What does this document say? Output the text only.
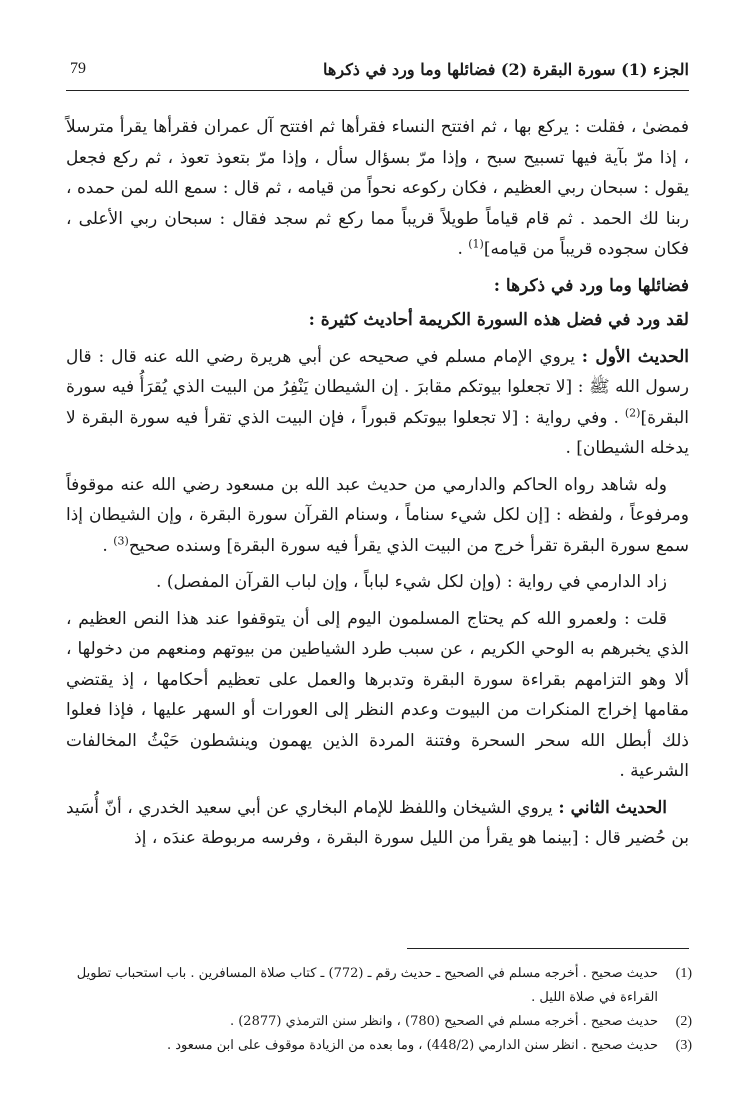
الجزء (1) سورة البقرة (2) فضائلها وما ورد في ذكرها
79

فمضىٰ ، فقلت : يركع بها ، ثم افتتح النساء فقرأها ثم افتتح آل عمران فقرأها يقرأ مترسلاً ، إذا مرّ بآية فيها تسبيح سبح ، وإذا مرّ بسؤال سأل ، وإذا مرّ بتعوذ تعوذ ، ثم ركع فجعل يقول : سبحان ربي العظيم ، فكان ركوعه نحواً من قيامه ، ثم قال : سمع الله لمن حمده ، ربنا لك الحمد . ثم قام قياماً طويلاً قريباً مما ركع ثم سجد فقال : سبحان ربي الأعلى ، فكان سجوده قريباً من قيامه]$^{(1)}$ .

فضائلها وما ورد في ذكرها :

لقد ورد في فضل هذه السورة الكريمة أحاديث كثيرة :

الحديث الأول : يروي الإمام مسلم في صحيحه عن أبي هريرة رضي الله عنه قال : قال رسول الله ﷺ : [لا تجعلوا بيوتكم مقابرَ . إن الشيطان يَنْفِرُ من البيت الذي يُقرَأُ فيه سورة البقرة]$^{(2)}$ . وفي رواية : [لا تجعلوا بيوتكم قبوراً ، فإن البيت الذي تقرأ فيه سورة البقرة لا يدخله الشيطان] .

وله شاهد رواه الحاكم والدارمي من حديث عبد الله بن مسعود رضي الله عنه موقوفاً ومرفوعاً ، ولفظه : [إن لكل شيء سناماً ، وسنام القرآن سورة البقرة ، وإن الشيطان إذا سمع سورة البقرة تقرأ خرج من البيت الذي يقرأ فيه سورة البقرة] وسنده صحيح$^{(3)}$ .

زاد الدارمي في رواية : (وإن لكل شيء لباباً ، وإن لباب القرآن المفصل) .

قلت : ولعمرو الله كم يحتاج المسلمون اليوم إلى أن يتوقفوا عند هذا النص العظيم ، الذي يخبرهم به الوحي الكريم ، عن سبب طرد الشياطين من بيوتهم ومنعهم من دخولها ، ألا وهو التزامهم بقراءة سورة البقرة وتدبرها والعمل على تعظيم أحكامها ، إذ يقتضي مقامها إخراج المنكرات من البيوت وعدم النظر إلى العورات أو السهر عليها ، فإذا فعلوا ذلك أبطل الله سحر السحرة وفتنة المردة الذين يهمون وينشطون حَيْثُ المخالفات الشرعية .

الحديث الثاني : يروي الشيخان واللفظ للإمام البخاري عن أبي سعيد الخدري ، أنّ أُسَيد بن حُضير قال : [بينما هو يقرأ من الليل سورة البقرة ، وفرسه مربوطة عندَه ، إذ

(1)
حديث صحيح . أخرجه مسلم في الصحيح ـ حديث رقم ـ (772) ـ كتاب صلاة المسافرين . باب استحباب تطويل القراءة في صلاة الليل .
(2)
حديث صحيح . أخرجه مسلم في الصحيح (780) ، وانظر سنن الترمذي (2877) .
(3)
حديث صحيح . انظر سنن الدارمي (448/2) ، وما بعده من الزيادة موقوف على ابن مسعود .
